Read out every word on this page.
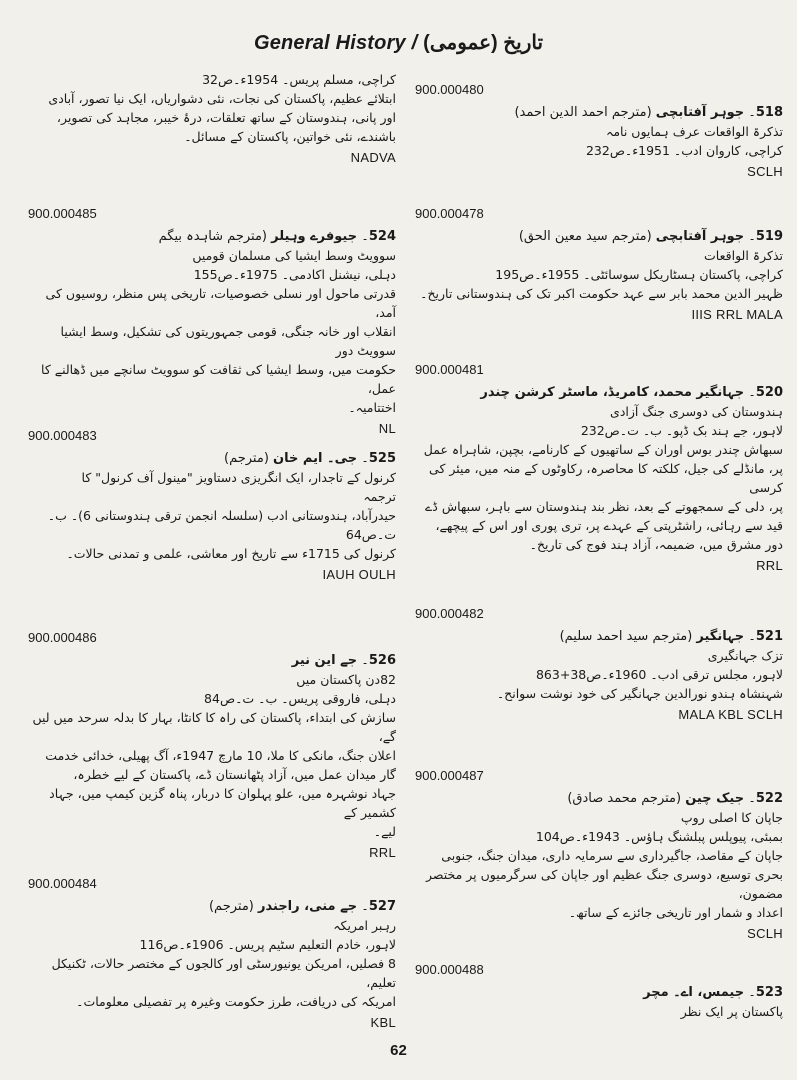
General History / تاریخ (عمومی)
کراچی، مسلم پریس۔ 1954ء۔ص32
ابتلائے عظیم، پاکستان کی نجات، نئی دشواریاں، ایک نیا تصور، آبادی
اور پانی، ہندوستان کے ساتھ تعلقات، درۂ خیبر، مجاہد کی تصویر،
باشندے، نئی خواتین، پاکستان کے مسائل۔
NADVA
900.000485
524۔ جیوفرے وہیلر (مترجم شاہدہ بیگم
سوویٹ وسط ایشیا کی مسلمان قومیں
دہلی، نیشنل اکادمی۔ 1975ء۔ص155
قدرتی ماحول اور نسلی خصوصیات، تاریخی پس منظر، روسیوں کی آمد،
انقلاب اور خانہ جنگی، قومی جمہوریتوں کی تشکیل، وسط ایشیا سوویٹ دور
حکومت میں، وسط ایشیا کی ثقافت کو سوویٹ سانچے میں ڈھالنے کا عمل،
اختتامیہ۔
NL
900.000483
525۔ جی۔ ایم خان (مترجم)
کرنول کے تاجدار، ایک انگریزی دستاویز "مینول آف کرنول" کا
ترجمہ
حیدرآباد، ہندوستانی ادب (سلسلہ انجمن ترقی ہندوستانی 6)۔ ب۔
ت۔ص64
کرنول کی 1715ء سے تاریخ اور معاشی، علمی و تمدنی حالات۔
IAUH OULH
900.000486
526۔ جے این نیر
82دن پاکستان میں
دہلی، فاروقی پریس۔ ب۔ ت۔ص84
سازش کی ابتداء، پاکستان کی راہ کا کانٹا، بہار کا بدلہ سرحد میں لیں گے،
اعلان جنگ، مانکی کا ملا، 10 مارچ 1947ء، آگ پھیلی، خدائی خدمت
گار میدان عمل میں، آزاد پٹھانستان ڈے، پاکستان کے لیے خطرہ،
جہاد نوشہرہ میں، علو پہلوان کا دربار، پناہ گزین کیمپ میں، جہاد کشمیر کے
لیے۔
RRL
900.000484
527۔ جے منی، راجندر (مترجم)
رہبر امریکہ
لاہور، خادم التعلیم سٹیم پریس۔ 1906ء۔ص116
8 فصلیں، امریکن یونیورسٹی اور کالجوں کے مختصر حالات، ٹکنیکل تعلیم،
امریکہ کی دریافت، طرز حکومت وغیرہ پر تفصیلی معلومات۔
KBL
900.000480
518۔ جوہر آفتابچی (مترجم احمد الدین احمد)
تذکرۃ الواقعات عرف ہمایوں نامہ
کراچی، کاروان ادب۔ 1951ء۔ص232
SCLH
900.000478
519۔ جوہر آفتابچی (مترجم سید معین الحق)
تذکرۃ الواقعات
کراچی، پاکستان ہسٹاریکل سوسائٹی۔ 1955ء۔ص195
ظہیر الدین محمد بابر سے عہد حکومت اکبر تک کی ہندوستانی تاریخ۔
IIIS RRL MALA
900.000481
520۔ جہانگیر محمد، کامریڈ، ماسٹر کرشن چندر
ہندوستان کی دوسری جنگ آزادی
لاہور، جے ہند بک ڈپو۔ ب۔ ت۔ص232
سبھاش چندر بوس اوران کے ساتھیوں کے کارنامے، بچپن، شاہراہ عمل
پر، مانڈلے کی جیل، کلکتہ کا محاصرہ، رکاوٹوں کے منہ میں، میئر کی کرسی
پر، دلی کے سمجھوتے کے بعد، نظر بند ہندوستان سے باہر، سبھاش ڈے
قید سے رہائی، راشٹرپتی کے عہدے پر، تری پوری اور اس کے پیچھے،
دور مشرق میں، ضمیمہ، آزاد ہند فوج کی تاریخ۔
RRL
900.000482
521۔ جہانگیر (مترجم سید احمد سلیم)
تزک جہانگیری
لاہور، مجلس ترقی ادب۔ 1960ء۔ص38+863
شہنشاہ ہندو نورالدین جہانگیر کی خود نوشت سوانح۔
MALA KBL SCLH
900.000487
522۔ جیک چین (مترجم محمد صادق)
جاپان کا اصلی روپ
بمبئی، پیوپلس پبلشنگ ہاؤس۔ 1943ء۔ص104
جاپان کے مقاصد، جاگیرداری سے سرمایہ داری، میدان جنگ، جنوبی
بحری توسیع، دوسری جنگ عظیم اور جاپان کی سرگرمیوں پر مختصر مضمون،
اعداد و شمار اور تاریخی جائزے کے ساتھ۔
SCLH
900.000488
523۔ جیمس، اے۔ مچر
پاکستان پر ایک نظر
62
